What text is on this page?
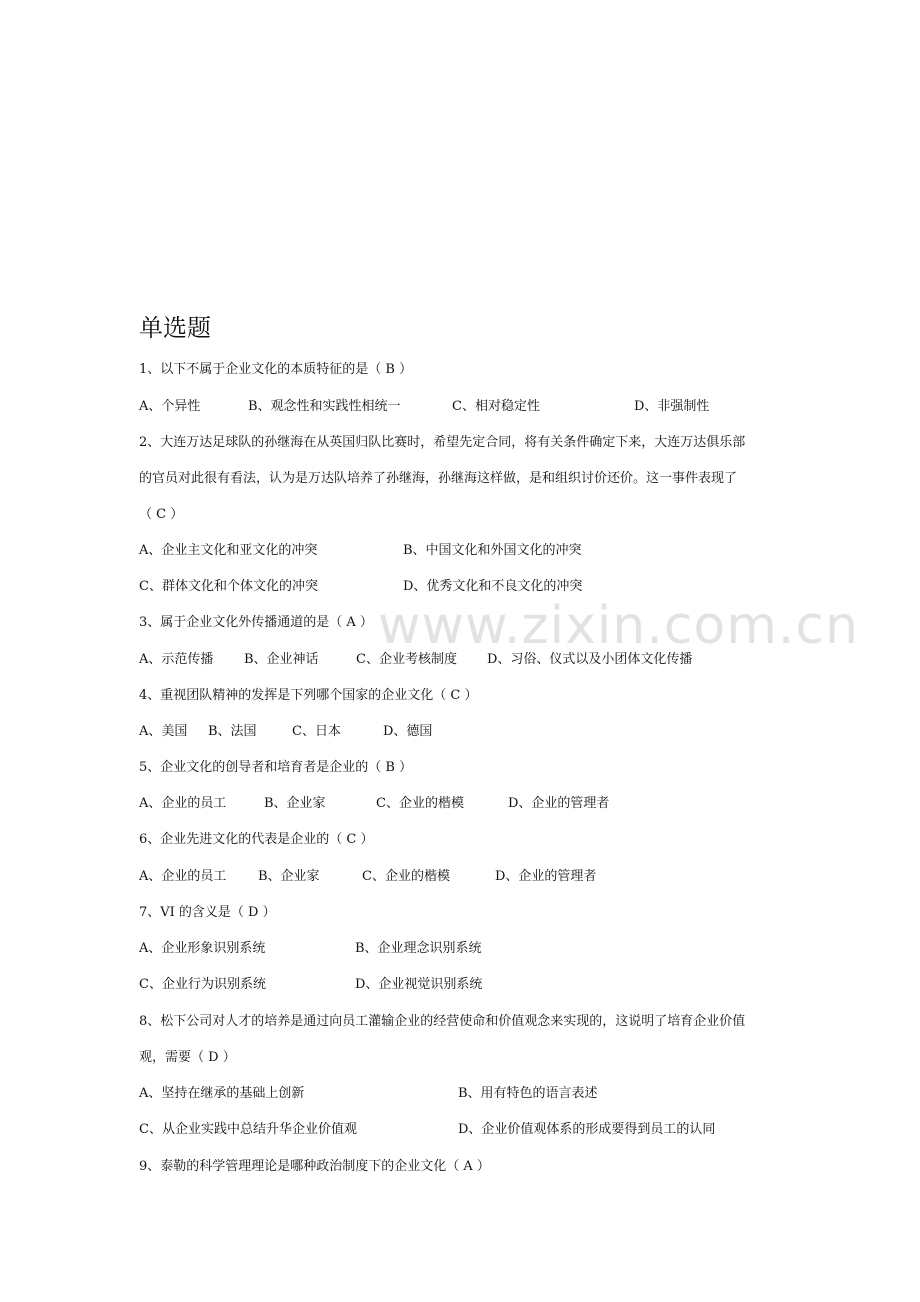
www.zixin.com.cn
单选题
1、以下不属于企业文化的本质特征的是（ B ）
A、个异性	B、观念性和实践性相统一	C、相对稳定性	D、非强制性
2、大连万达足球队的孙继海在从英国归队比赛时，希望先定合同，将有关条件确定下来，大连万达俱乐部
的官员对此很有看法，认为是万达队培养了孙继海，孙继海这样做，是和组织讨价还价。这一事件表现了
（ C ）
A、企业主文化和亚文化的冲突	B、中国文化和外国文化的冲突
C、群体文化和个体文化的冲突	D、优秀文化和不良文化的冲突
3、属于企业文化外传播通道的是（ A ）
A、示范传播 B、企业神话	C、企业考核制度 D、习俗、仪式以及小团体文化传播
4、重视团队精神的发挥是下列哪个国家的企业文化（ C ）
A、美国 B、法国	C、日本	D、德国
5、企业文化的创导者和培育者是企业的（ B ）
A、企业的员工	B、企业家	C、企业的楷模	D、企业的管理者
6、企业先进文化的代表是企业的（ C ）
A、企业的员工 B、企业家	C、企业的楷模	D、企业的管理者
7、VI 的含义是（ D ）
A、企业形象识别系统	B、企业理念识别系统
C、企业行为识别系统	D、企业视觉识别系统
8、松下公司对人才的培养是通过向员工灌输企业的经营使命和价值观念来实现的，这说明了培育企业价值
观，需要（ D ）
A、坚持在继承的基础上创新	B、用有特色的语言表述
C、从企业实践中总结升华企业价值观	D、企业价值观体系的形成要得到员工的认同
9、泰勒的科学管理理论是哪种政治制度下的企业文化（ A ）
